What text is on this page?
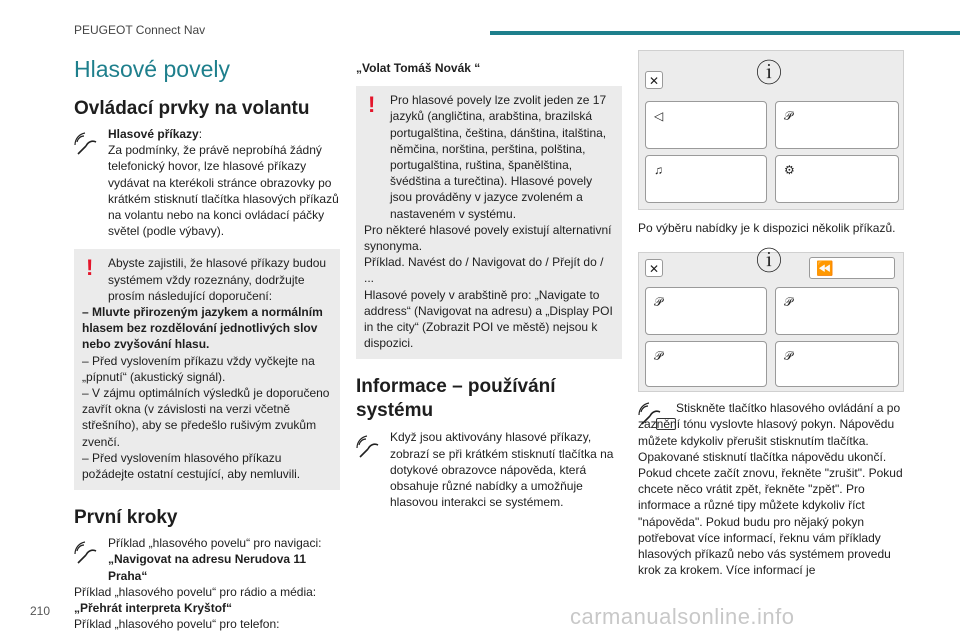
PEUGEOT Connect Nav
Hlasové povely
Ovládací prvky na volantu

Hlasové příkazy:

Za podmínky, že právě neprobíhá žádný telefonický hovor, lze hlasové příkazy vydávat na kterékoli stránce obrazovky po krátkém stisknutí tlačítka hlasových příkazů na volantu nebo na konci ovládací páčky světel (podle výbavy).

!	Abyste zajistili, že hlasové příkazy budou systémem vždy rozeznány, dodržujte prosím následující doporučení:

– Mluvte přirozeným jazykem a normálním hlasem bez rozdělování jednotlivých slov nebo zvyšování hlasu.

– Před vyslovením příkazu vždy vyčkejte na „pípnutí“ (akustický signál).

– V zájmu optimálních výsledků je doporučeno zavřít okna (v závislosti na verzi včetně střešního), aby se předešlo rušivým zvukům zvenčí.

– Před vyslovením hlasového příkazu požádejte ostatní cestující, aby nemluvili.

První kroky

Příklad „hlasového povelu“ pro navigaci:

„Navigovat na adresu Nerudova 11 Praha“

Příklad „hlasového povelu“ pro rádio a média:

„Přehrát interpreta Kryštof“

Příklad „hlasového povelu“ pro telefon:

„Volat Tomáš Novák “

!	Pro hlasové povely lze zvolit jeden ze 17 jazyků (angličtina, arabština, brazilská portugalština, čeština, dánština, italština, němčina, norština, perština, polština, portugalština, ruština, španělština, švédština a turečtina). Hlasové povely jsou prováděny v jazyce zvoleném a nastaveném v systému.

Pro některé hlasové povely existují alternativní synonyma.

Příklad. Navést do / Navigovat do / Přejít do / ...

Hlasové povely v arabštině pro: „Navigate to address“ (Navigovat na adresu) a „Display POI in the city“ (Zobrazit POI ve městě) nejsou k dispozici.

Informace – používání systému

Když jsou aktivovány hlasové příkazy, zobrazí se při krátkém stisknutí tlačítka na dotykové obrazovce nápověda, která obsahuje různé nabídky a umožňuje hlasovou interakci se systémem.

✕	ⓘ
◁	𝒫
♫	⚙

Po výběru nabídky je k dispozici několik příkazů.

✕	ⓘ ⏪
𝒫	𝒫
𝒫	𝒫

Stiskněte tlačítko hlasového ovládání a po zaznění tónu vyslovte hlasový pokyn. Nápovědu můžete kdykoliv přerušit stisknutím tlačítka. Opakované stisknutí tlačítka nápovědu ukončí. Pokud chcete začít znovu, řekněte "zrušit". Pokud chcete něco vrátit zpět, řekněte "zpět". Pro informace a různé tipy můžete kdykoliv říct "nápověda". Pokud budu pro nějaký pokyn potřebovat více informací, řeknu vám příklady hlasových příkazů nebo vás systémem provedu krok za krokem. Více informací je

210	carmanualsonline.info
